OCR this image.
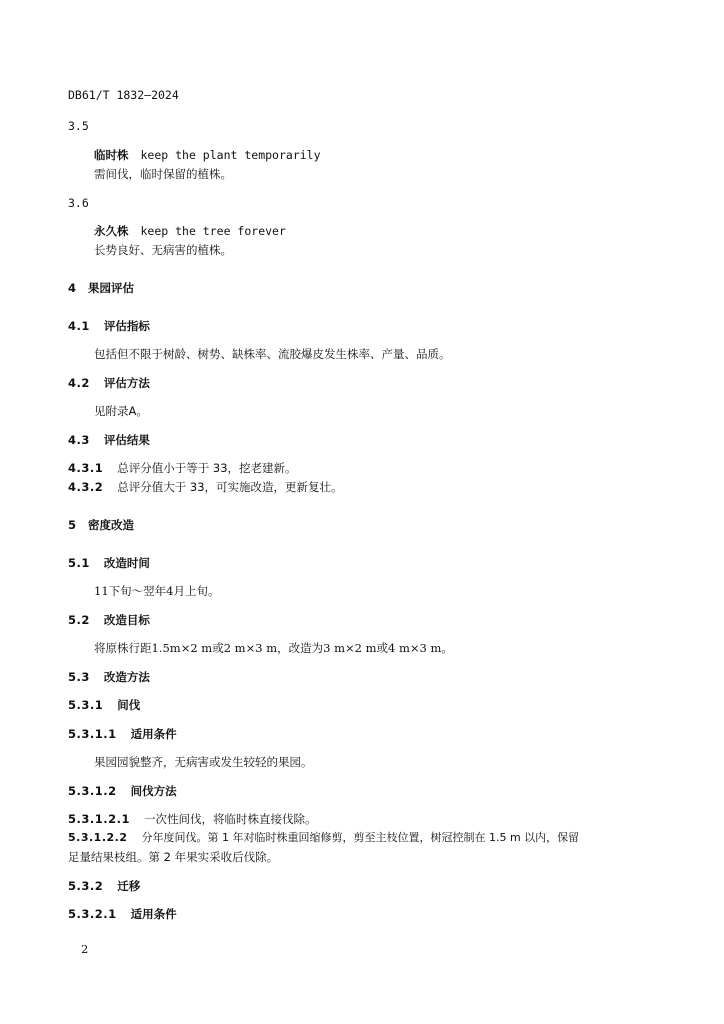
DB61/T 1832—2024
3.5
临时株 keep the plant temporarily
需间伐，临时保留的植株。
3.6
永久株 keep the tree forever
长势良好、无病害的植株。
4 果园评估
4.1 评估指标
包括但不限于树龄、树势、缺株率、流胶爆皮发生株率、产量、品质。
4.2 评估方法
见附录A。
4.3 评估结果
4.3.1 总评分值小于等于 33，挖老建新。
4.3.2 总评分值大于 33，可实施改造，更新复壮。
5 密度改造
5.1 改造时间
11下旬～翌年4月上旬。
5.2 改造目标
将原株行距1.5m×2 m或2 m×3 m，改造为3 m×2 m或4 m×3 m。
5.3 改造方法
5.3.1 间伐
5.3.1.1 适用条件
果园园貌整齐，无病害或发生较轻的果园。
5.3.1.2 间伐方法
5.3.1.2.1 一次性间伐，将临时株直接伐除。
5.3.1.2.2 分年度间伐。第 1 年对临时株重回缩修剪，剪至主枝位置，树冠控制在 1.5 m 以内，保留
足量结果枝组。第 2 年果实采收后伐除。
5.3.2 迁移
5.3.2.1 适用条件
2
